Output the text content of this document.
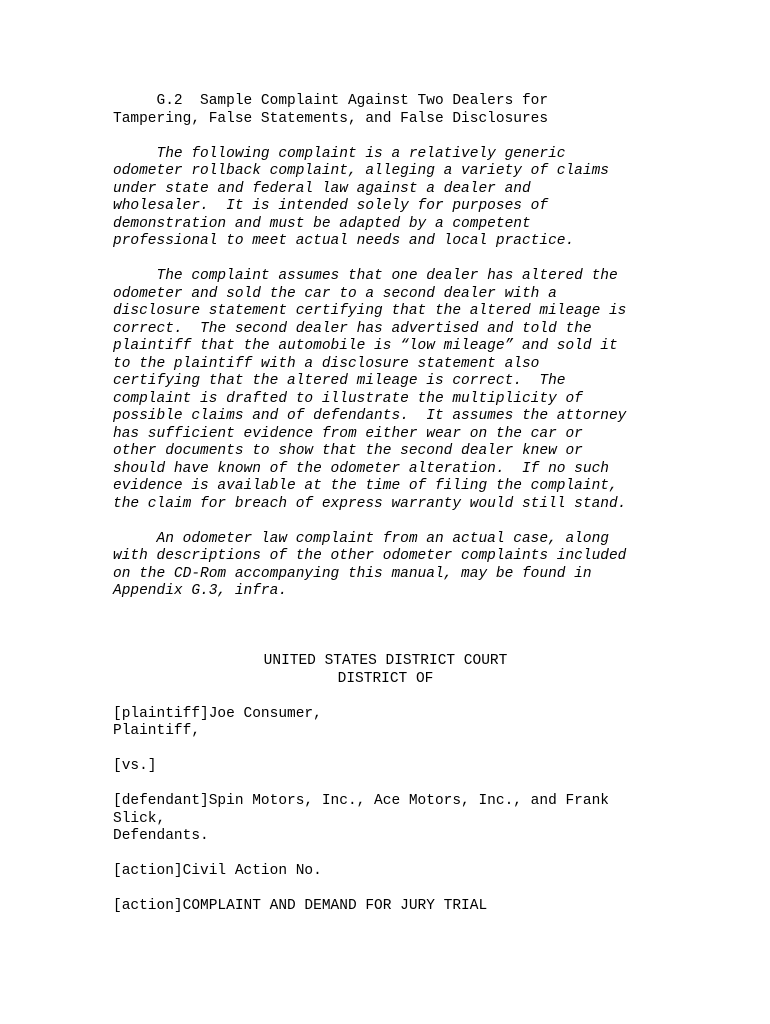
G.2  Sample Complaint Against Two Dealers for
Tampering, False Statements, and False Disclosures
The following complaint is a relatively generic
odometer rollback complaint, alleging a variety of claims
under state and federal law against a dealer and
wholesaler.  It is intended solely for purposes of
demonstration and must be adapted by a competent
professional to meet actual needs and local practice.
The complaint assumes that one dealer has altered the
odometer and sold the car to a second dealer with a
disclosure statement certifying that the altered mileage is
correct.  The second dealer has advertised and told the
plaintiff that the automobile is “low mileage” and sold it
to the plaintiff with a disclosure statement also
certifying that the altered mileage is correct.  The
complaint is drafted to illustrate the multiplicity of
possible claims and of defendants.  It assumes the attorney
has sufficient evidence from either wear on the car or
other documents to show that the second dealer knew or
should have known of the odometer alteration.  If no such
evidence is available at the time of filing the complaint,
the claim for breach of express warranty would still stand.
An odometer law complaint from an actual case, along
with descriptions of the other odometer complaints included
on the CD-Rom accompanying this manual, may be found in
Appendix G.3, infra.
UNITED STATES DISTRICT COURT
DISTRICT OF
[plaintiff]Joe Consumer,
Plaintiff,
[vs.]
[defendant]Spin Motors, Inc., Ace Motors, Inc., and Frank
Slick,
Defendants.
[action]Civil Action No.
[action]COMPLAINT AND DEMAND FOR JURY TRIAL
